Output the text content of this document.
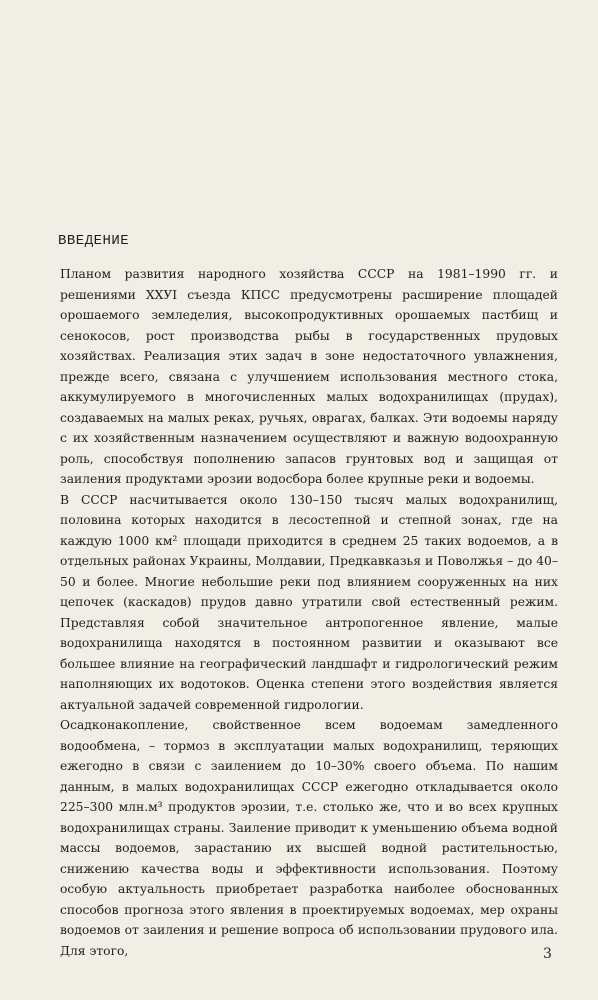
ВВЕДЕНИЕ

Планом развития народного хозяйства СССР на 1981–1990 гг. и решениями XXУI съезда КПСС предусмотрены расширение площадей орошаемого земледелия, высокопродуктивных орошаемых пастбищ и сенокосов, рост производства рыбы в государственных прудовых хозяйствах. Реализация этих задач в зоне недостаточного увлажнения, прежде всего, связана с улучшением использования местного стока, аккумулируемого в многочисленных малых водохранилищах (прудах), создаваемых на малых реках, ручьях, оврагах, балках. Эти водоемы наряду с их хозяйственным назначением осуществляют и важную водоохранную роль, способствуя пополнению запасов грунтовых вод и защищая от заиления продуктами эрозии водосбора более крупные реки и водоемы.

В СССР насчитывается около 130–150 тысяч малых водохранилищ, половина которых находится в лесостепной и степной зонах, где на каждую 1000 км² площади приходится в среднем 25 таких водоемов, а в отдельных районах Украины, Молдавии, Предкавказья и Поволжья – до 40–50 и более. Многие небольшие реки под влиянием сооруженных на них цепочек (каскадов) прудов давно утратили свой естественный режим. Представляя собой значительное антропогенное явление, малые водохранилища находятся в постоянном развитии и оказывают все большее влияние на географический ландшафт и гидрологический режим наполняющих их водотоков. Оценка степени этого воздействия является актуальной задачей современной гидрологии.

Осадконакопление, свойственное всем водоемам замедленного водообмена, – тормоз в эксплуатации малых водохранилищ, теряющих ежегодно в связи с заилением до 10–30% своего объема. По нашим данным, в малых водохранилищах СССР ежегодно откладывается около 225–300 млн.м³ продуктов эрозии, т.е. столько же, что и во всех крупных водохранилищах страны. Заиление приводит к уменьшению объема водной массы водоемов, зарастанию их высшей водной растительностью, снижению качества воды и эффективности использования. Поэтому особую актуальность приобретает разработка наиболее обоснованных способов прогноза этого явления в проектируемых водоемах, мер охраны водоемов от заиления и решение вопроса об использовании прудового ила. Для этого,	3
